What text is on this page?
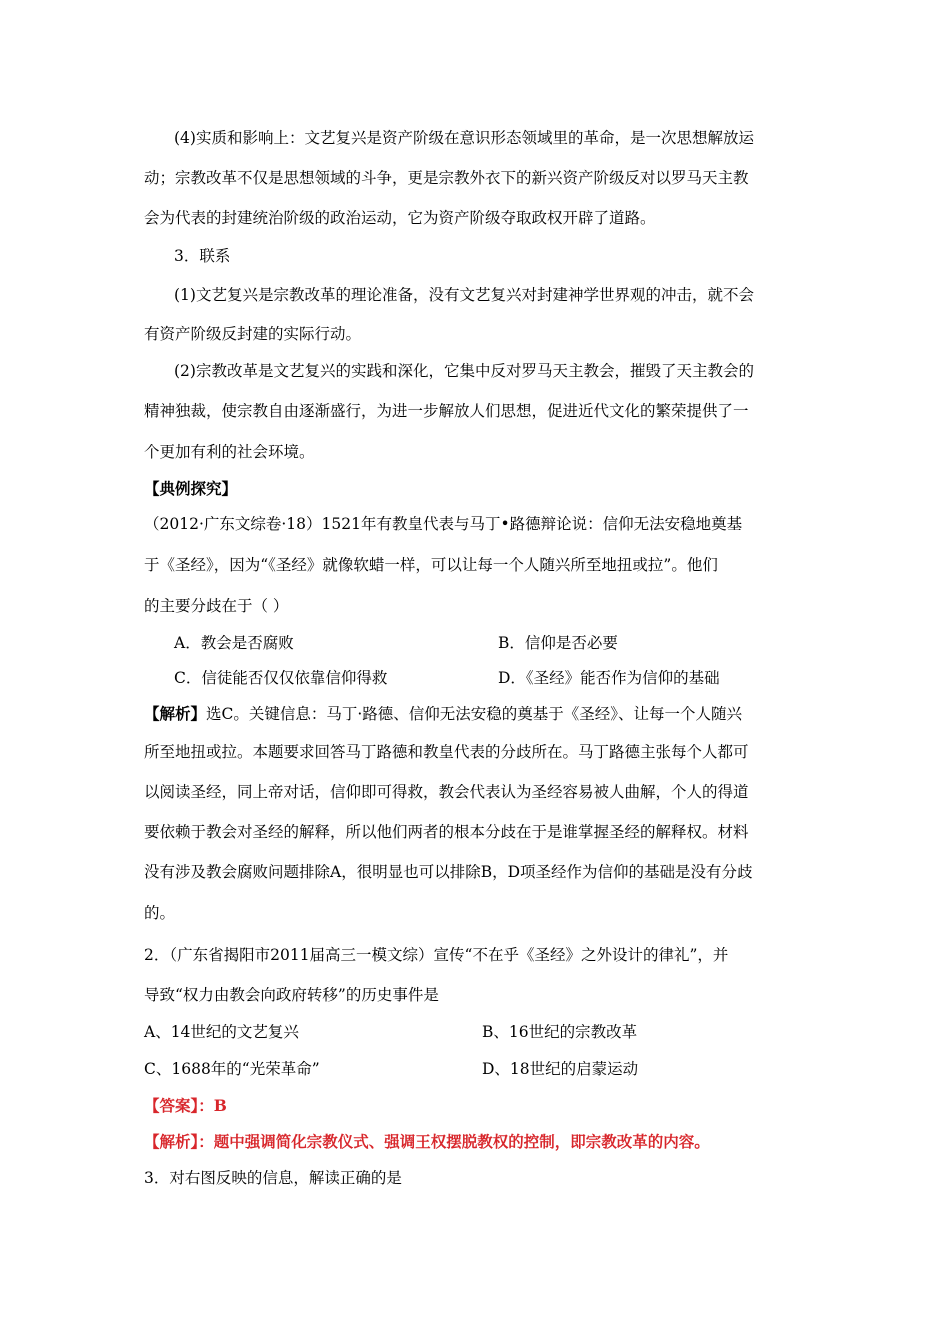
(4)实质和影响上：文艺复兴是资产阶级在意识形态领域里的革命，是一次思想解放运
动；宗教改革不仅是思想领域的斗争，更是宗教外衣下的新兴资产阶级反对以罗马天主教
会为代表的封建统治阶级的政治运动，它为资产阶级夺取政权开辟了道路。
3．联系
(1)文艺复兴是宗教改革的理论准备，没有文艺复兴对封建神学世界观的冲击，就不会
有资产阶级反封建的实际行动。
(2)宗教改革是文艺复兴的实践和深化，它集中反对罗马天主教会，摧毁了天主教会的
精神独裁，使宗教自由逐渐盛行，为进一步解放人们思想，促进近代文化的繁荣提供了一
个更加有利的社会环境。
【典例探究】
（2012·广东文综卷·18）1521年有教皇代表与马丁•路德辩论说：信仰无法安稳地奠基
于《圣经》，因为“《圣经》就像软蜡一样，可以让每一个人随兴所至地扭或拉”。他们
的主要分歧在于（ ）
A．教会是否腐败	B．信仰是否必要
C．信徒能否仅仅依靠信仰得救	D．《圣经》能否作为信仰的基础
【解析】选C。关键信息：马丁·路德、信仰无法安稳的奠基于《圣经》、让每一个人随兴
所至地扭或拉。本题要求回答马丁路德和教皇代表的分歧所在。马丁路德主张每个人都可
以阅读圣经，同上帝对话，信仰即可得救，教会代表认为圣经容易被人曲解，个人的得道
要依赖于教会对圣经的解释，所以他们两者的根本分歧在于是谁掌握圣经的解释权。材料
没有涉及教会腐败问题排除A，很明显也可以排除B，D项圣经作为信仰的基础是没有分歧
的。
2．（广东省揭阳市2011届高三一模文综）宣传“不在乎《圣经》之外设计的律礼”，并
导致“权力由教会向政府转移”的历史事件是
A、14世纪的文艺复兴	B、16世纪的宗教改革
C、1688年的“光荣革命”	D、18世纪的启蒙运动
【答案】：B
【解析】：题中强调简化宗教仪式、强调王权摆脱教权的控制，即宗教改革的内容。
3．对右图反映的信息，解读正确的是
